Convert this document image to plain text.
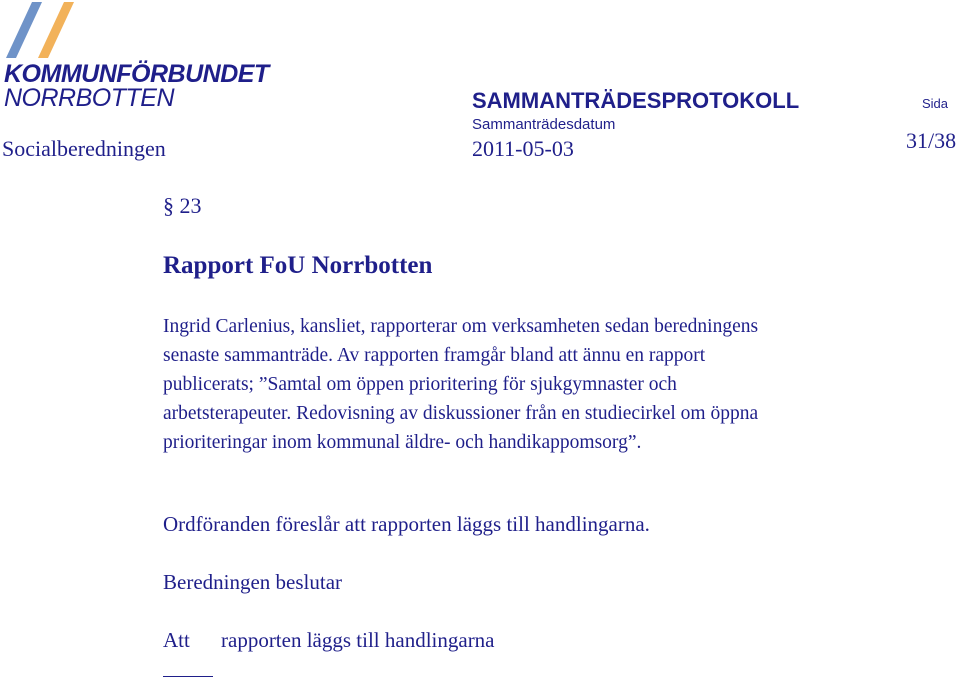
KOMMUNFÖRBUNDET
NORRBOTTEN	SAMMANTRÄDESPROTOKOLL	Sida
Sammanträdesdatum
Socialberedningen	2011-05-03	31/38
§ 23
Rapport FoU Norrbotten
Ingrid Carlenius, kansliet, rapporterar om verksamheten sedan beredningens
senaste sammanträde. Av rapporten framgår bland att ännu en rapport
publicerats; ”Samtal om öppen prioritering för sjukgymnaster och
arbetsterapeuter. Redovisning av diskussioner från en studiecirkel om öppna
prioriteringar inom kommunal äldre- och handikappomsorg”.
Ordföranden föreslår att rapporten läggs till handlingarna.
Beredningen beslutar
Att rapporten läggs till handlingarna
